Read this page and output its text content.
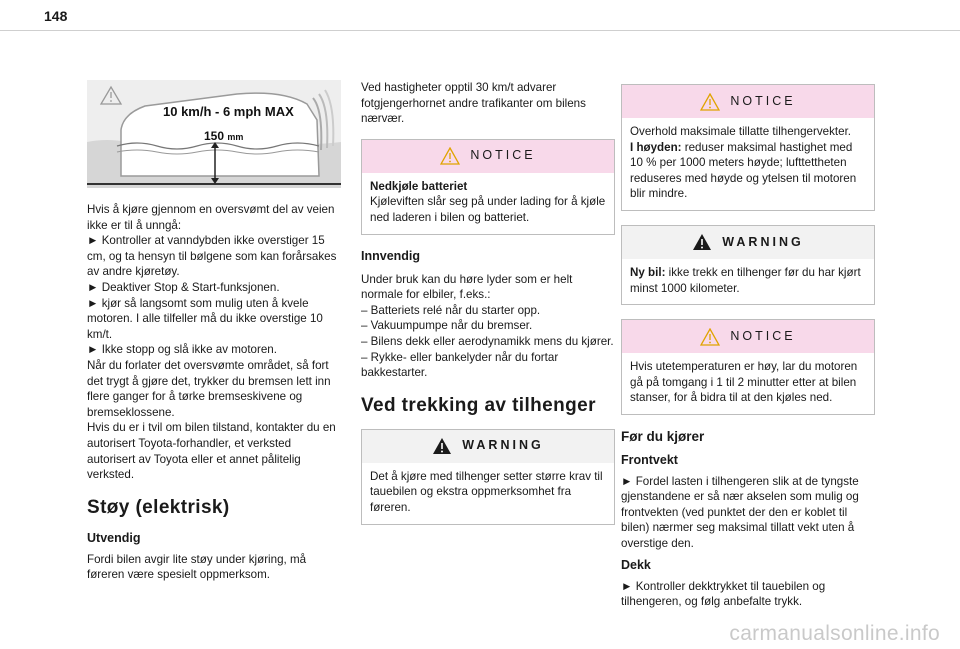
148
10 km/h - 6 mph MAX
150 mm

Hvis å kjøre gjennom en oversvømt del av veien ikke er til å unngå:

► Kontroller at vanndybden ikke overstiger 15 cm, og ta hensyn til bølgene som kan forårsakes av andre kjøretøy.

► Deaktiver Stop & Start-funksjonen.

► kjør så langsomt som mulig uten å kvele motoren. I alle tilfeller må du ikke overstige 10 km/t.

► Ikke stopp og slå ikke av motoren.

Når du forlater det oversvømte området, så fort det trygt å gjøre det, trykker du bremsen lett inn flere ganger for å tørke bremseskivene og bremseklossene.

Hvis du er i tvil om bilen tilstand, kontakter du en autorisert Toyota-forhandler, et verksted autorisert av Toyota eller et annet pålitelig verksted.

Støy (elektrisk)
Utvendig

Fordi bilen avgir lite støy under kjøring, må føreren være spesielt oppmerksom.

Ved hastigheter opptil 30 km/t advarer fotgjengerhornet andre trafikanter om bilens nærvær.

NOTICE

Nedkjøle batteriet

Kjøleviften slår seg på under lading for å kjøle ned laderen i bilen og batteriet.

Innvendig

Under bruk kan du høre lyder som er helt normale for elbiler, f.eks.:

– Batteriets relé når du starter opp.

– Vakuumpumpe når du bremser.

– Bilens dekk eller aerodynamikk mens du kjører.

– Rykke- eller bankelyder når du fortar bakkestarter.

Ved trekking av tilhenger
WARNING

Det å kjøre med tilhenger setter større krav til tauebilen og ekstra oppmerksomhet fra føreren.

NOTICE

Overhold maksimale tillatte tilhengervekter.

I høyden: reduser maksimal hastighet med 10 % per 1000 meters høyde; lufttettheten reduseres med høyde og ytelsen til motoren blir mindre.

WARNING

Ny bil: ikke trekk en tilhenger før du har kjørt minst 1000 kilometer.

NOTICE

Hvis utetemperaturen er høy, lar du motoren gå på tomgang i 1 til 2 minutter etter at bilen stanser, for å bidra til at den kjøles ned.

Før du kjører
Frontvekt

► Fordel lasten i tilhengeren slik at de tyngste gjenstandene er så nær akselen som mulig og frontvekten (ved punktet der den er koblet til bilen) nærmer seg maksimal tillatt vekt uten å overstige den.

Dekk

► Kontroller dekktrykket til tauebilen og tilhengeren, og følg anbefalte trykk.

carmanualsonline.info
